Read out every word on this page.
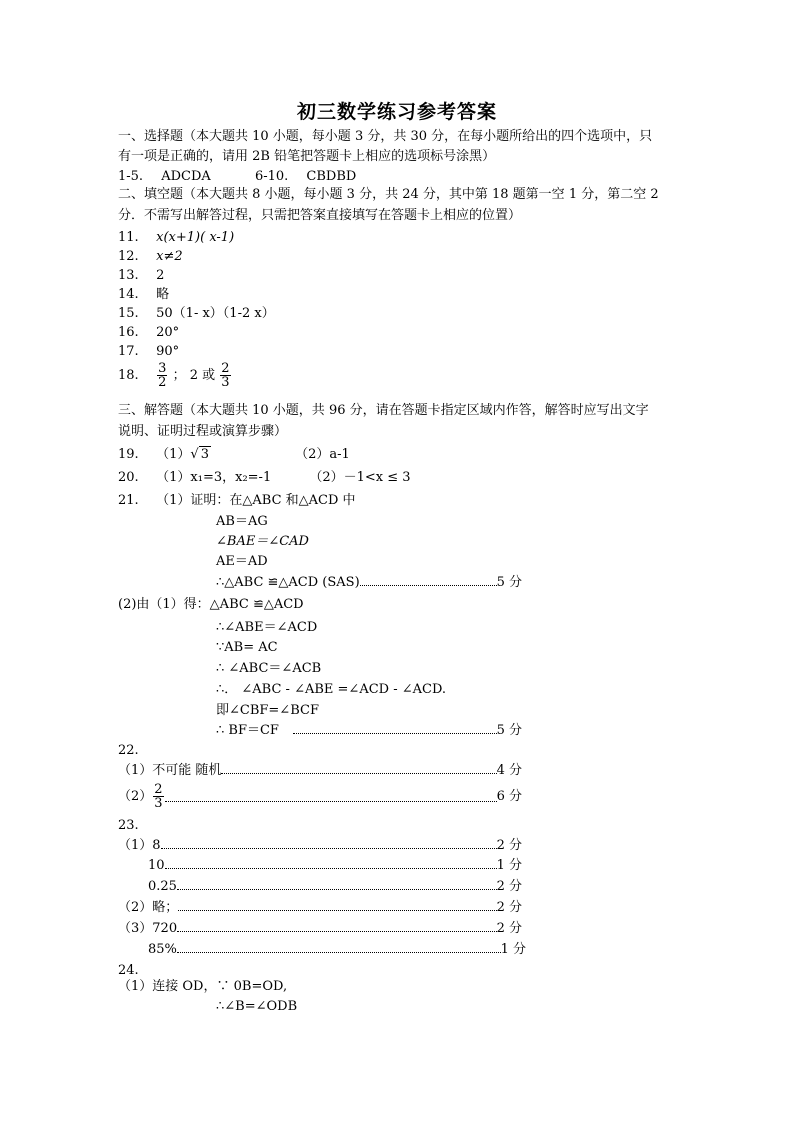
初三数学练习参考答案
一、选择题（本大题共 10 小题，每小题 3 分，共 30 分，在每小题所给出的四个选项中，只
有一项是正确的，请用 2B 铅笔把答题卡上相应的选项标号涂黑）
1-5. ADCDA	6-10. CBDBD
二、填空题（本大题共 8 小题，每小题 3 分，共 24 分，其中第 18 题第一空 1 分，第二空 2
分．不需写出解答过程，只需把答案直接填写在答题卡上相应的位置）
11. x(x+1)( x-1)
12. x≠2
13. 2
14. 略
15. 50（1- x）（1-2 x）
16. 20°
17. 90°
18. $\frac{3}{2}$ ； 2 或 $\frac{2}{3}$
三、解答题（本大题共 10 小题，共 96 分，请在答题卡指定区域内作答，解答时应写出文字
说明、证明过程或演算步骤）
19. （1）√ 3	（2）a-1
20. （1）x₁=3，x₂=-1	（2）－1<x ≤ 3
21. （1）证明：在△ABC 和△ACD 中
AB＝AG
∠BAE＝∠CAD
AE＝AD
∴△ABC ≌△ACD (SAS)	5 分
(2)由（1）得：△ABC ≌△ACD
∴∠ABE＝∠ACD
∵AB= AC
∴ ∠ABC＝∠ACB
∴． ∠ABC - ∠ABE =∠ACD - ∠ACD.
即∠CBF=∠BCF
∴ BF＝CF	5 分
22.
（1）不可能 随机	4 分
$(2) \frac{2}{3}$	6 分
23.
（1）8	2 分
10	1 分
0.25	2 分
（2）略；	2 分
（3）720	2 分
85%	1 分
24.
（1）连接 OD，∵ 0B=OD,
∴∠B=∠ODB
